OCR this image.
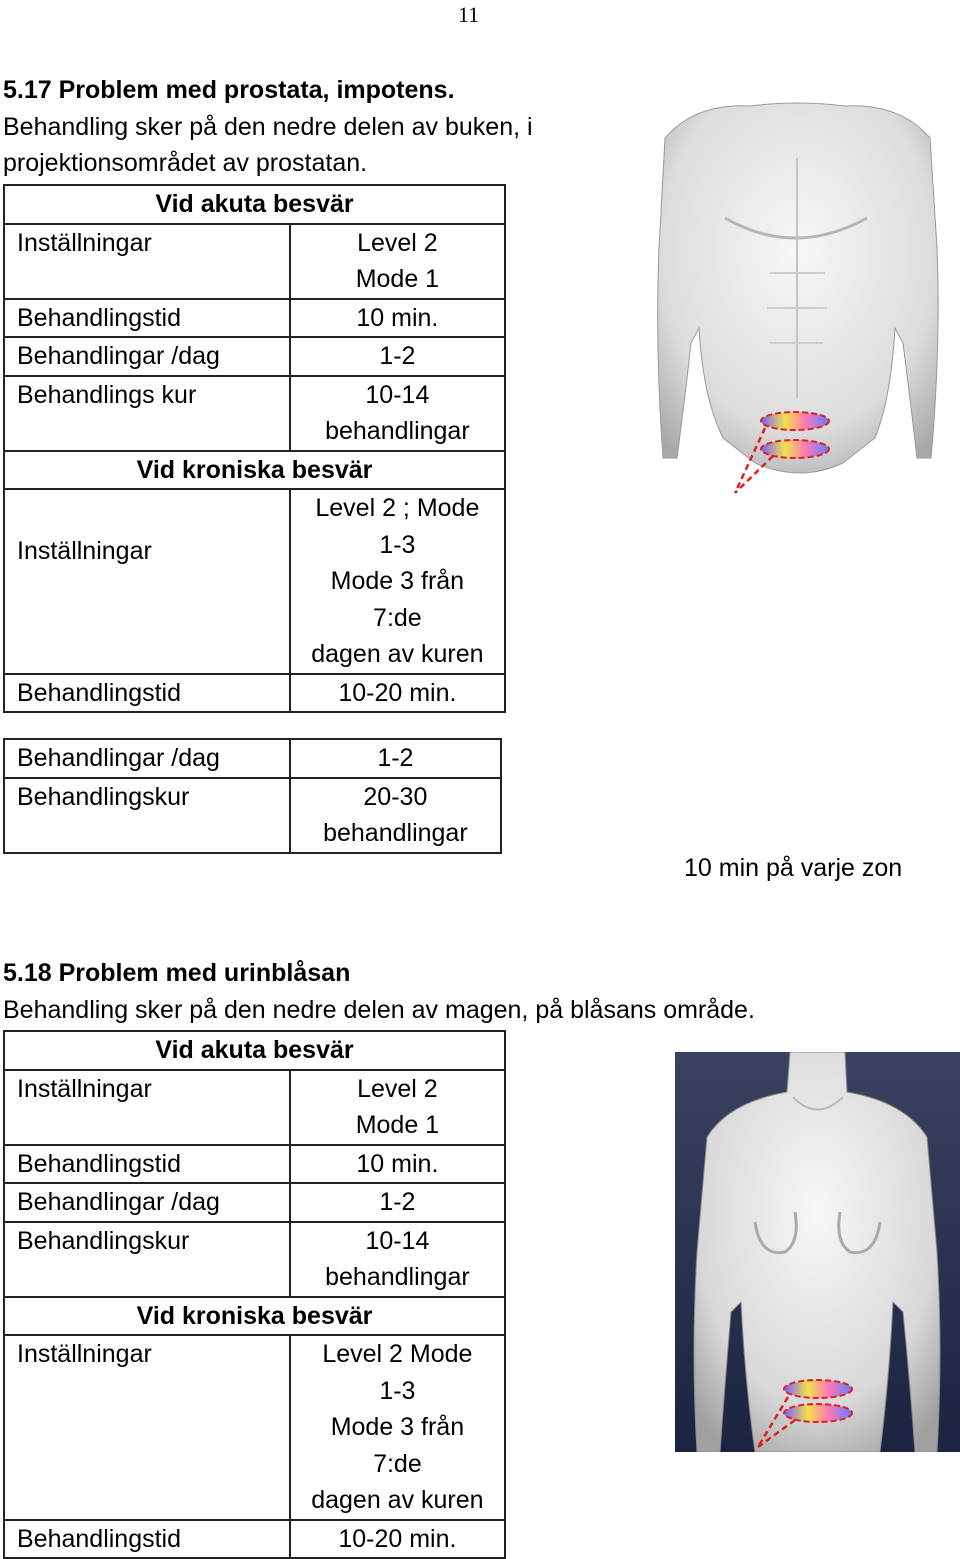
11
5.17 Problem med prostata, impotens.
Behandling sker på den nedre delen av buken, i
projektionsområdet av prostatan.
Vid akuta besvär	
Inställningar	Level 2
Mode 1

Behandlingstid	10 min.
Behandlingar /dag	1-2
Behandlings kur	10-14
behandlingar

Vid kroniska besvär	
Inställningar	Level 2 ; Mode
1-3
Mode 3 från
7:de
dagen av kuren

Behandlingstid	10-20 min.
Behandlingar /dag	1-2
Behandlingskur	20-30
behandlingar
10 min på varje zon
5.18 Problem med urinblåsan
Behandling sker på den nedre delen av magen, på blåsans område.
Vid akuta besvär	
Inställningar	Level 2
Mode 1

Behandlingstid	10 min.
Behandlingar /dag	1-2
Behandlingskur	10-14
behandlingar

Vid kroniska besvär	
Inställningar	Level 2 Mode
1-3
Mode 3 från
7:de
dagen av kuren

Behandlingstid	10-20 min.
